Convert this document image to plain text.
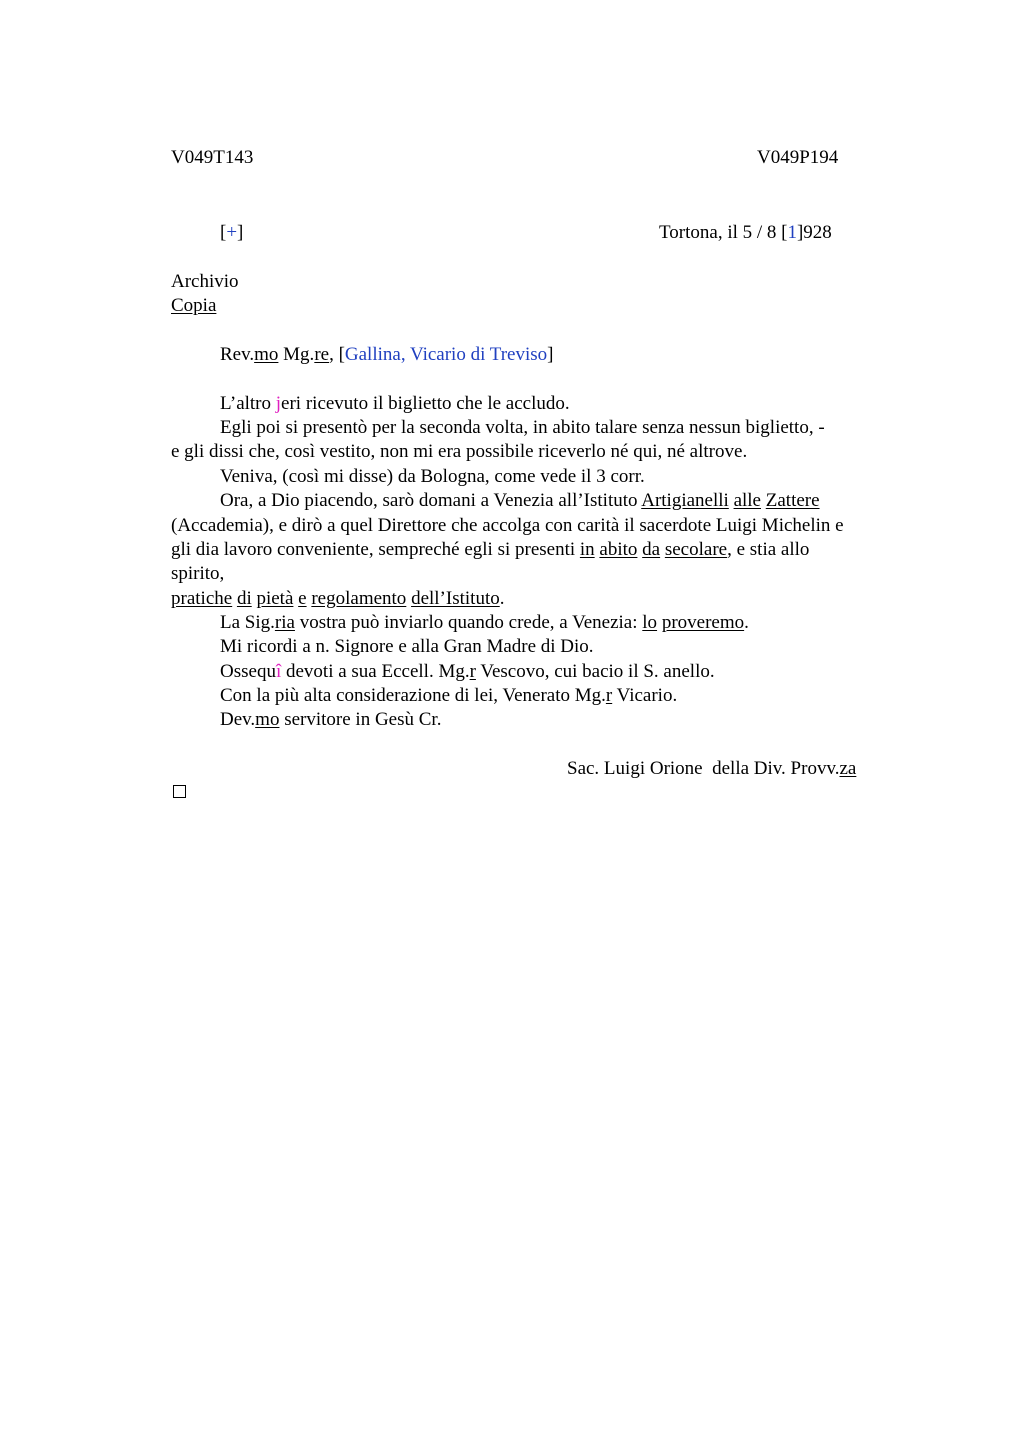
V049T143	V049P194
[+]	Tortona, il 5 / 8 [1]928
Archivio
Copia
Rev.mo Mg.re, [Gallina, Vicario di Treviso]
L’altro jeri ricevuto il biglietto che le accludo.
Egli poi si presentò per la seconda volta, in abito talare senza nessun biglietto, -
e gli dissi che, così vestito, non mi era possibile riceverlo né qui, né altrove.
Veniva, (così mi disse) da Bologna, come vede il 3 corr.
Ora, a Dio piacendo, sarò domani a Venezia all’Istituto Artigianelli alle Zattere
(Accademia), e dirò a quel Direttore che accolga con carità il sacerdote Luigi Michelin e
gli dia lavoro conveniente, sempreché egli si presenti in abito da secolare, e stia allo
spirito,
pratiche di pietà e regolamento dell’Istituto.
La Sig.ria vostra può inviarlo quando crede, a Venezia: lo proveremo.
Mi ricordi a n. Signore e alla Gran Madre di Dio.
Ossequî devoti a sua Eccell. Mg.r Vescovo, cui bacio il S. anello.
Con la più alta considerazione di lei, Venerato Mg.r Vicario.
Dev.mo servitore in Gesù Cr.
Sac. Luigi Orione  della Div. Provv.za
